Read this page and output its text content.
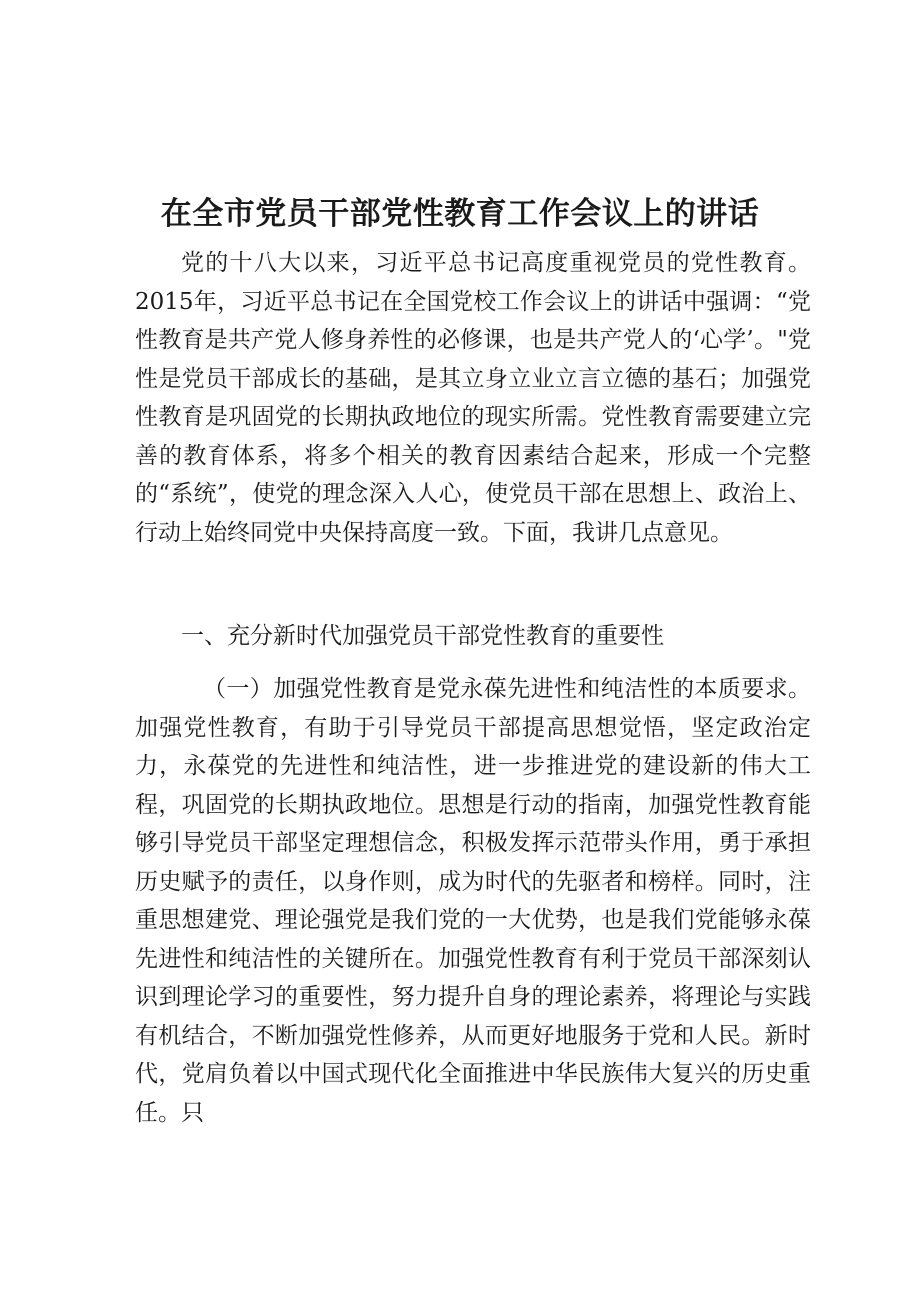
在全市党员干部党性教育工作会议上的讲话

党的十八大以来，习近平总书记高度重视党员的党性教育。2015年，习近平总书记在全国党校工作会议上的讲话中强调：“党性教育是共产党人修身养性的必修课，也是共产党人的‘心学’。"党性是党员干部成长的基础，是其立身立业立言立德的基石；加强党性教育是巩固党的长期执政地位的现实所需。党性教育需要建立完善的教育体系，将多个相关的教育因素结合起来，形成一个完整的“系统”，使党的理念深入人心，使党员干部在思想上、政治上、行动上始终同党中央保持高度一致。下面，我讲几点意见。

一、充分新时代加强党员干部党性教育的重要性

（一）加强党性教育是党永葆先进性和纯洁性的本质要求。加强党性教育，有助于引导党员干部提高思想觉悟，坚定政治定力，永葆党的先进性和纯洁性，进一步推进党的建设新的伟大工程，巩固党的长期执政地位。思想是行动的指南，加强党性教育能够引导党员干部坚定理想信念，积极发挥示范带头作用，勇于承担历史赋予的责任，以身作则，成为时代的先驱者和榜样。同时，注重思想建党、理论强党是我们党的一大优势，也是我们党能够永葆先进性和纯洁性的关键所在。加强党性教育有利于党员干部深刻认识到理论学习的重要性，努力提升自身的理论素养，将理论与实践有机结合，不断加强党性修养，从而更好地服务于党和人民。新时代，党肩负着以中国式现代化全面推进中华民族伟大复兴的历史重任。只
